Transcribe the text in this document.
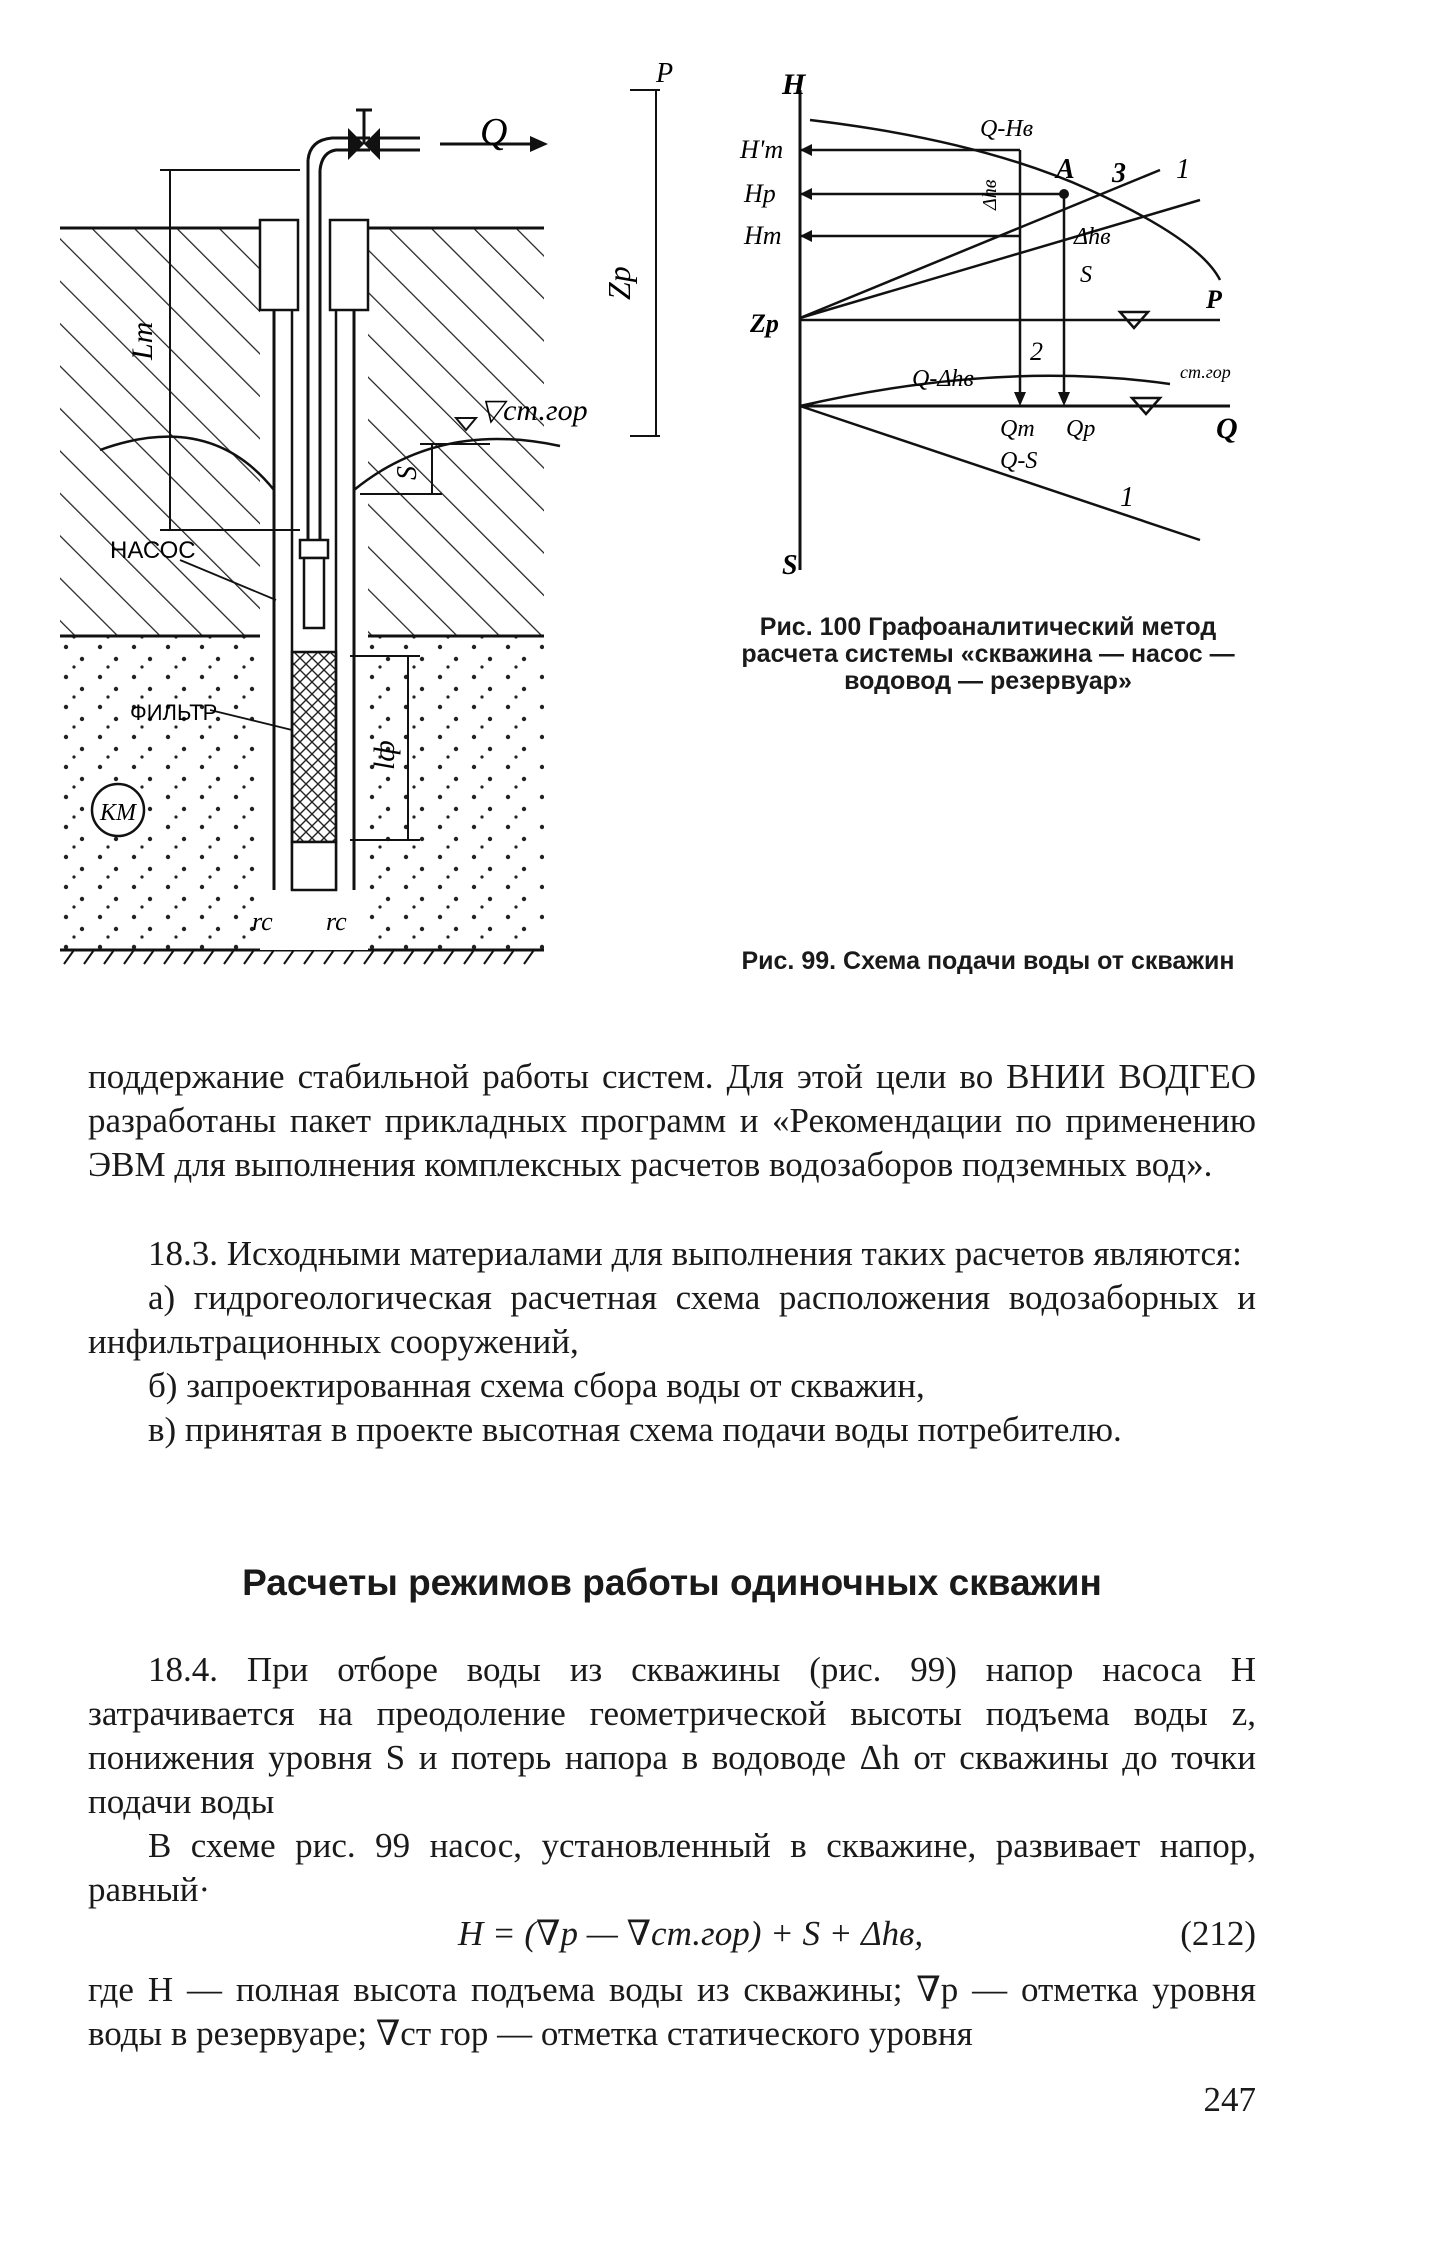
Q
Lт
▽ст.гор
S
НАСОС
ФИЛЬТР
КМ
lф
rc rc
Zp
P	H
H'т
Hр
Hт
Zр
S
Q
Q-Hв
A 3 1
Δhв
Δhв
S
P
Q-Δhв
2
ст.гор
Qт Qр
Q-S
1
Рис. 100 Графоаналитический метод расчета системы «скважина — насос — водовод — резервуар»
Рис. 99. Схема подачи воды от скважин

поддержание стабильной работы систем. Для этой цели во ВНИИ ВОДГЕО разработаны пакет прикладных программ и «Рекомендации по применению ЭВМ для выполнения комплексных расчетов водозаборов подземных вод».

18.3. Исходными материалами для выполнения таких расчетов являются:

а) гидрогеологическая расчетная схема расположения водозаборных и инфильтрационных сооружений,

б) запроектированная схема сбора воды от скважин,

в) принятая в проекте высотная схема подачи воды потребителю.

Расчеты режимов работы одиночных скважин

18.4. При отборе воды из скважины (рис. 99) напор насоса H затрачивается на преодоление геометрической высоты подъема воды z, понижения уровня S и потерь напора в водоводе Δh от скважины до точки подачи воды

В схеме рис. 99 насос, установленный в скважине, развивает напор, равный·

H = (∇p — ∇ст.гор) + S + Δhв,	(212)

где H — полная высота подъема воды из скважины; ∇p — отметка уровня воды в резервуаре; ∇ст гор — отметка статического уровня

247
